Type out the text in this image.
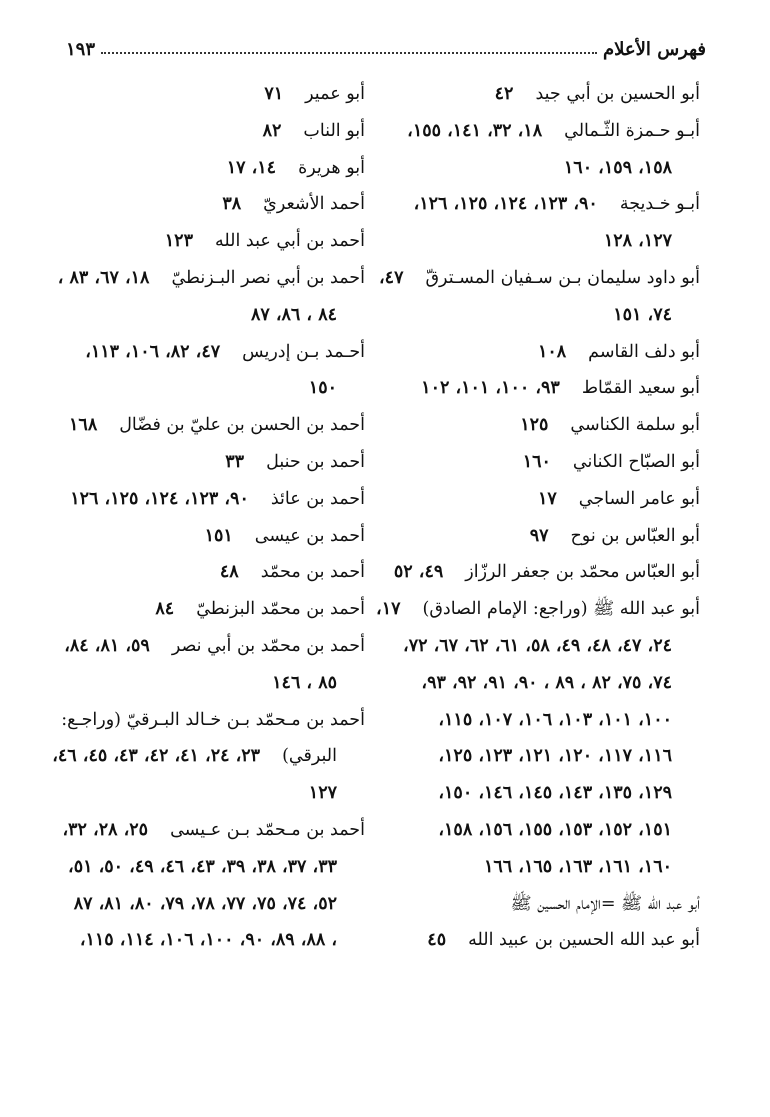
فهرس الأعلام
١٩٣
أبو الحسين بن أبي جيد٤٢
أبـو حـمزة الثّـمالي١٨، ٣٢، ١٤١، ١٥٥،
١٥٨، ١٥٩، ١٦٠
أبـو خـديجة٩٠، ١٢٣، ١٢٤، ١٢٥، ١٢٦،
١٢٧، ١٢٨
أبو داود سليمان بـن سـفيان المسـترقّ٤٧،
٧٤، ١٥١
أبو دلف القاسم١٠٨
أبو سعيد القمّاط٩٣، ١٠٠، ١٠١، ١٠٢
أبو سلمة الكناسي١٢٥
أبو الصبّاح الكناني١٦٠
أبو عامر الساجي١٧
أبو العبّاس بن نوح٩٧
أبو العبّاس محمّد بن جعفر الرزّاز٤٩، ٥٢
أبو عبد الله ﷺ (وراجع: الإمام الصادق)١٧،
٢٤، ٤٧، ٤٨، ٤٩، ٥٨، ٦١، ٦٢، ٦٧، ٧٢،
٧٤، ٧٥، ٨٢ ، ٨٩ ، ٩٠، ٩١، ٩٢، ٩٣،
١٠٠، ١٠١، ١٠٣، ١٠٦، ١٠٧، ١١٥،
١١٦، ١١٧، ١٢٠، ١٢١، ١٢٣، ١٢٥،
١٢٩، ١٣٥، ١٤٣، ١٤٥، ١٤٦، ١٥٠،
١٥١، ١٥٢، ١٥٣، ١٥٥، ١٥٦، ١٥٨،
١٦٠، ١٦١، ١٦٣، ١٦٥، ١٦٦
أبو عبد الله ﷺ =الإمام الحسين ﷺ
أبو عبد الله الحسين بن عبيد الله٤٥
أبو عمير٧١
أبو الناب٨٢
أبو هريرة١٤، ١٧
أحمد الأشعريّ٣٨
أحمد بن أبي عبد الله١٢٣
أحمد بن أبي نصر البـزنطيّ١٨، ٦٧، ٨٣ ،
٨٤ ، ٨٦، ٨٧
أحـمد بـن إدريس٤٧، ٨٢، ١٠٦، ١١٣،
١٥٠
أحمد بن الحسن بن عليّ بن فضّال١٦٨
أحمد بن حنبل٣٣
أحمد بن عائذ٩٠، ١٢٣، ١٢٤، ١٢٥، ١٢٦
أحمد بن عيسى١٥١
أحمد بن محمّد٤٨
أحمد بن محمّد البزنطيّ٨٤
أحمد بن محمّد بن أبي نصر٥٩، ٨١، ٨٤،
٨٥ ، ١٤٦
أحمد بن مـحمّد بـن خـالد البـرقيّ (وراجـع:
البرقي)٢٣، ٢٤، ٤١، ٤٢، ٤٣، ٤٥، ٤٦،
١٢٧
أحمد بن مـحمّد بـن عـيسى٢٥، ٢٨، ٣٢،
٣٣، ٣٧، ٣٨، ٣٩، ٤٣، ٤٦، ٤٩، ٥٠، ٥١،
٥٢، ٧٤، ٧٥، ٧٧، ٧٨، ٧٩، ٨٠، ٨١، ٨٧
، ٨٨، ٨٩، ٩٠، ١٠٠، ١٠٦، ١١٤، ١١٥،
